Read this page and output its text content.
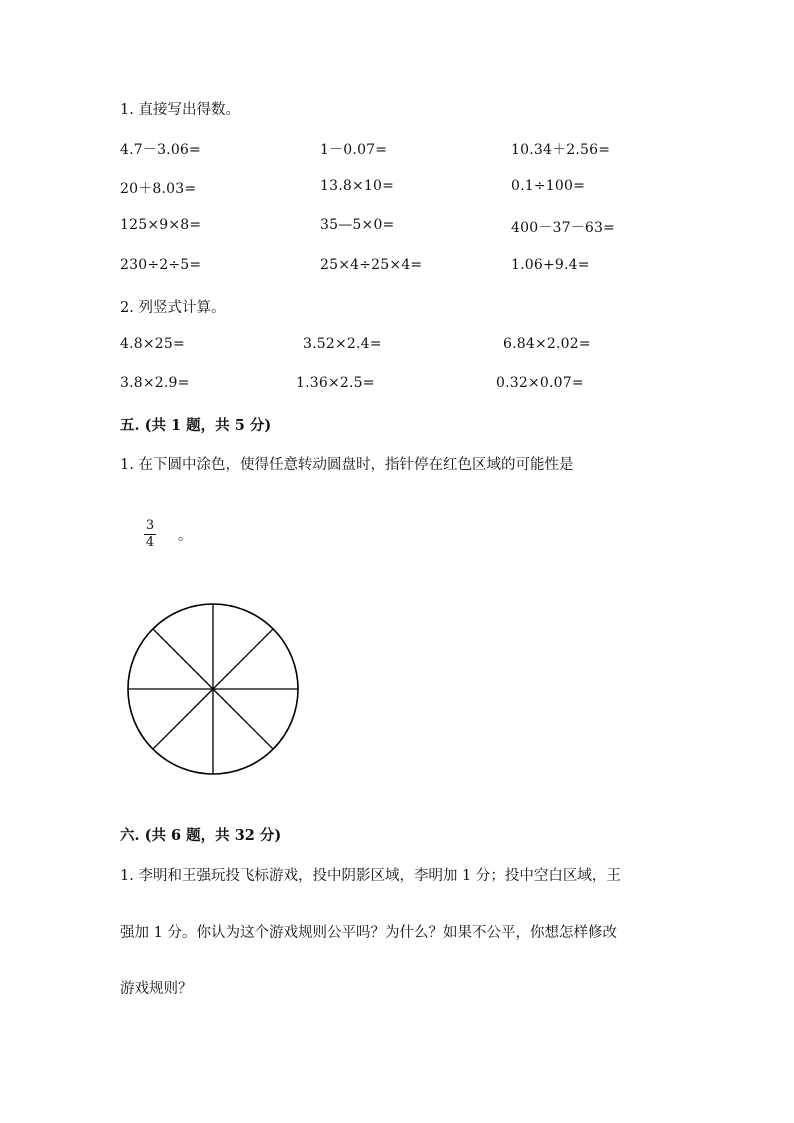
1. 直接写出得数。
4.7－3.06=	1－0.07=	10.34＋2.56=
20＋8.03=	13.8×10=	0.1÷100=
125×9×8=	35—5×0=	400－37－63=
230÷2÷5=	25×4÷25×4=	1.06+9.4=
2. 列竖式计算。
4.8×25=	3.52×2.4=	6.84×2.02=
3.8×2.9=	1.36×2.5=	0.32×0.07=
五. (共 1 题，共 5 分)
1. 在下圆中涂色，使得任意转动圆盘时，指针停在红色区域的可能性是
3
4 。
六. (共 6 题，共 32 分)
1. 李明和王强玩投飞标游戏，投中阴影区域，李明加 1 分；投中空白区域，王
强加 1 分。你认为这个游戏规则公平吗？为什么？如果不公平，你想怎样修改
游戏规则？
